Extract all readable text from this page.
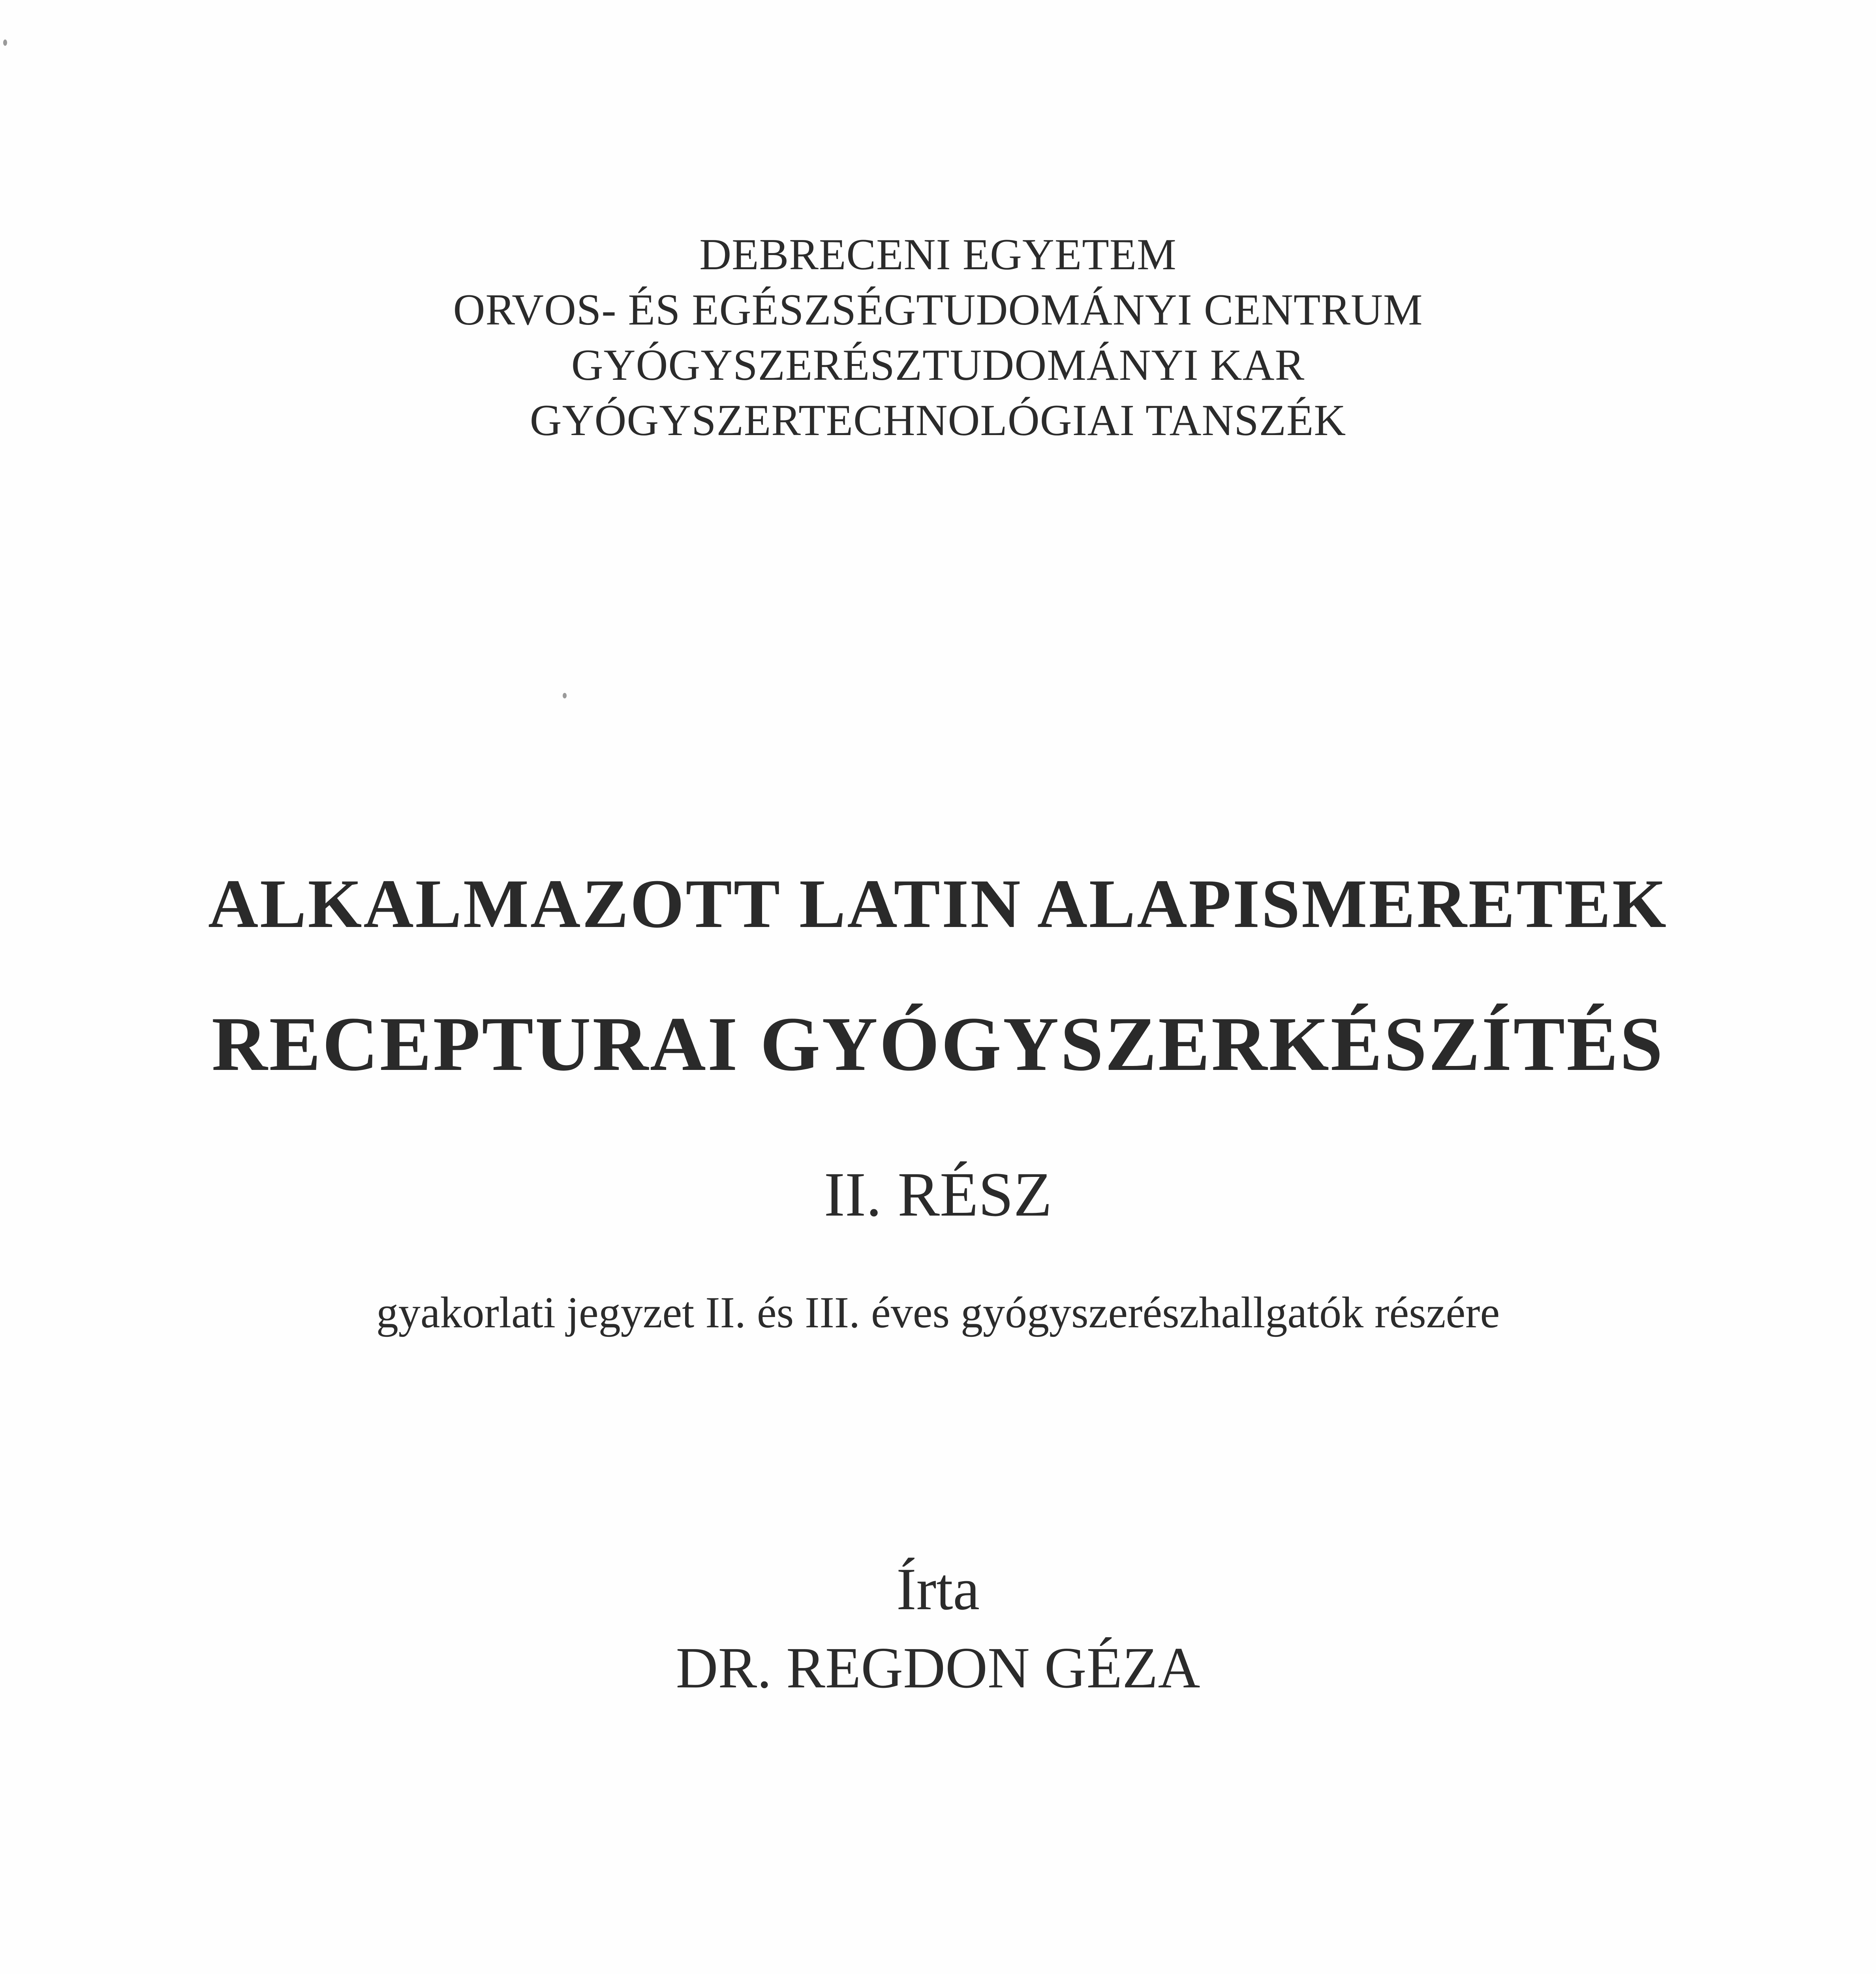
DEBRECENI EGYETEM
ORVOS- ÉS EGÉSZSÉGTUDOMÁNYI CENTRUM
GYÓGYSZERÉSZTUDOMÁNYI KAR
GYÓGYSZERTECHNOLÓGIAI TANSZÉK
ALKALMAZOTT LATIN ALAPISMERETEK
RECEPTURAI GYÓGYSZERKÉSZÍTÉS
II. RÉSZ
gyakorlati jegyzet II. és III. éves gyógyszerészhallgatók részére
Írta
DR. REGDON GÉZA
